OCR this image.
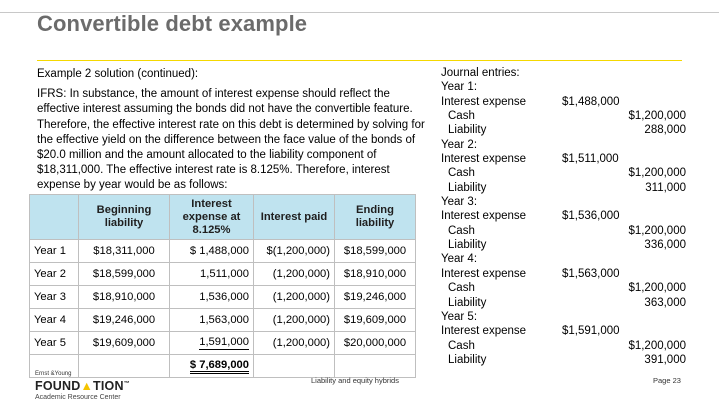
Convertible debt example

Example 2 solution (continued):

IFRS: In substance, the amount of interest expense should reflect the effective interest assuming the bonds did not have the convertible feature. Therefore, the effective interest rate on this debt is determined by solving for the effective yield on the difference between the face value of the bonds of $20.0 million and the amount allocated to the liability component of $18,311,000. The effective interest rate is 8.125%. Therefore, interest expense by year would be as follows:

	Beginning liability	Interest expense at 8.125%	Interest paid	Ending liability
Year 1	$18,311,000	$ 1,488,000	$(1,200,000)	$18,599,000
Year 2	$18,599,000	1,511,000	(1,200,000)	$18,910,000
Year 3	$18,910,000	1,536,000	(1,200,000)	$19,246,000
Year 4	$19,246,000	1,563,000	(1,200,000)	$19,609,000
Year 5	$19,609,000	1,591,000	(1,200,000)	$20,000,000
		$ 7,689,000		
Journal entries:
Year 1:
Interest expense	$1,488,000
Cash	$1,200,000
Liability	288,000
Year 2:
Interest expense	$1,511,000
Cash	$1,200,000
Liability	311,000
Year 3:
Interest expense	$1,536,000
Cash	$1,200,000
Liability	336,000
Year 4:
Interest expense	$1,563,000
Cash	$1,200,000
Liability	363,000
Year 5:
Interest expense	$1,591,000
Cash	$1,200,000
Liability	391,000
Ernst &Young
FOUND▲TION™
Academic Resource Center
Liability and equity hybrids	Page 23
